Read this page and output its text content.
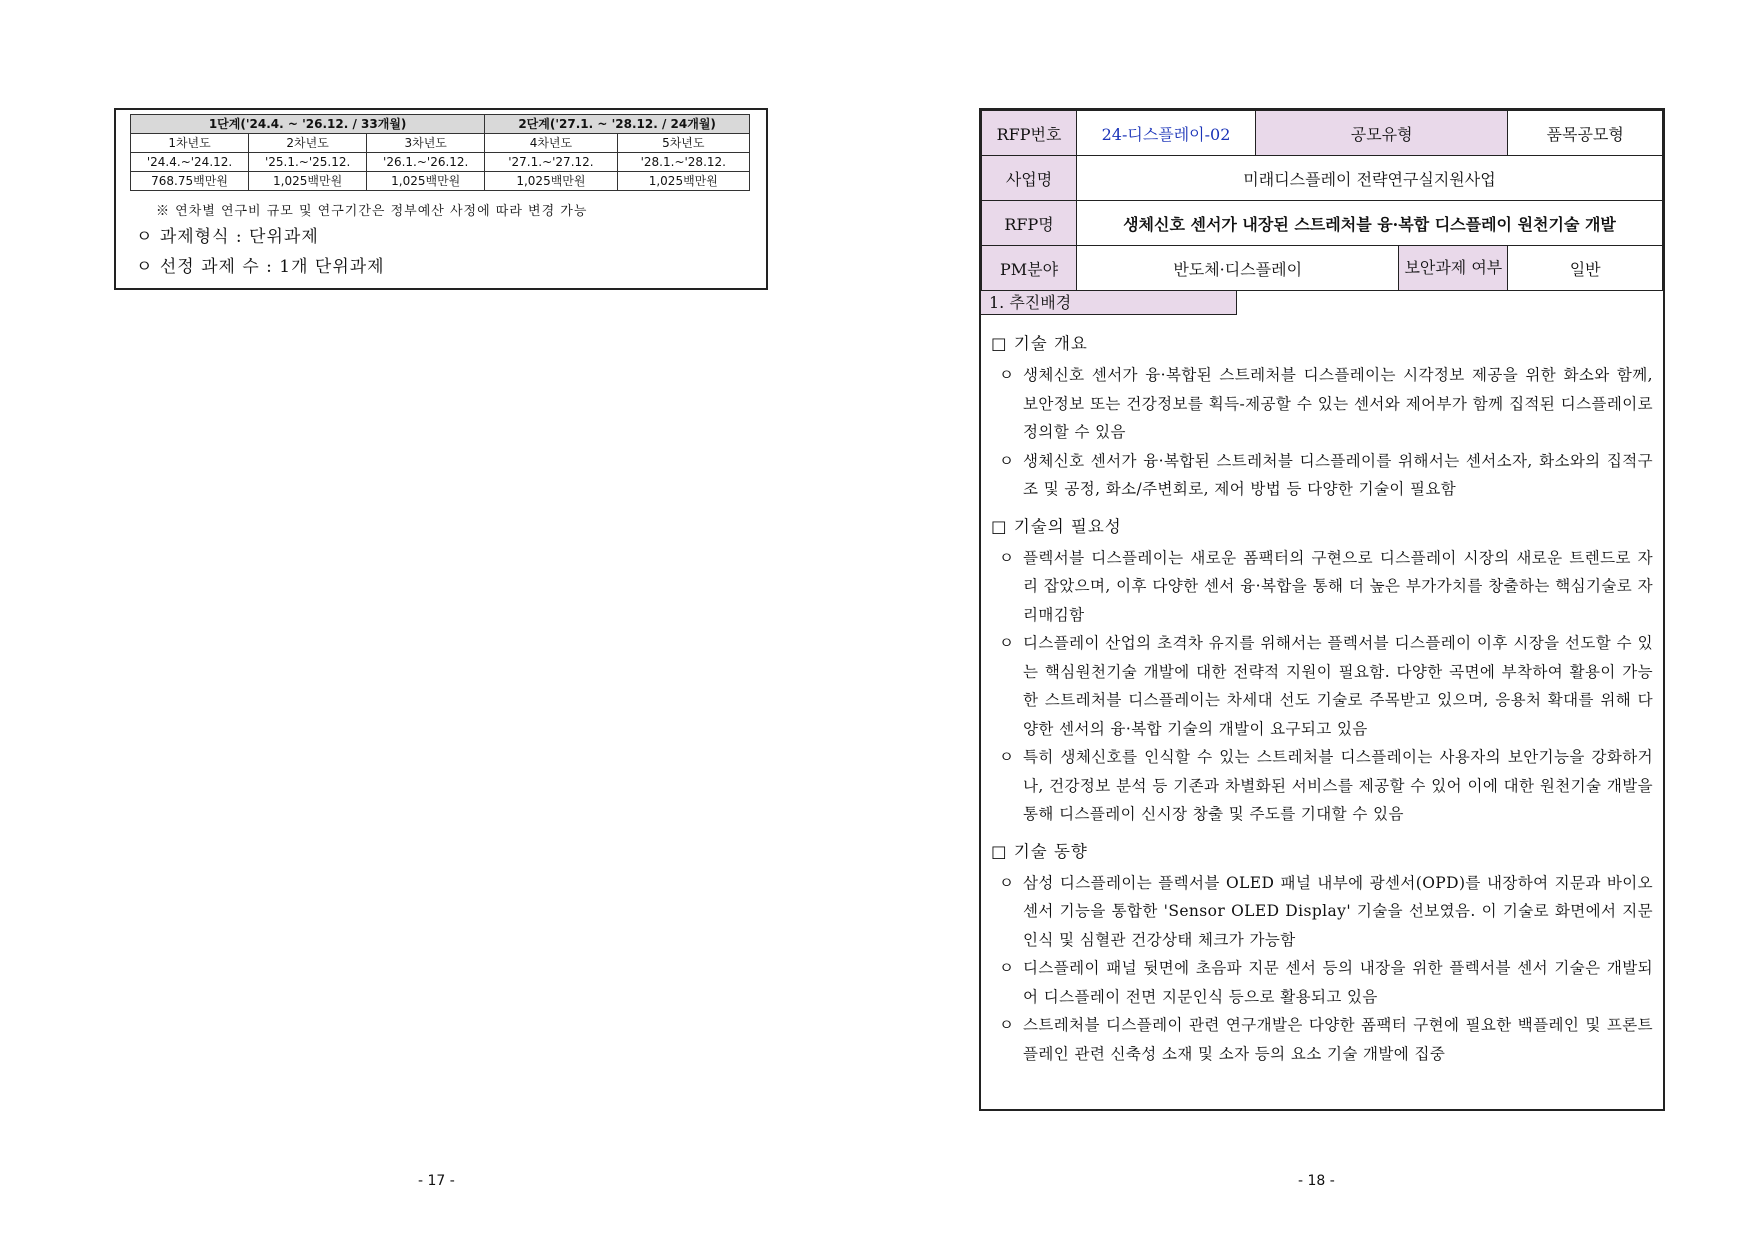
1단계('24.4. ~ '26.12. / 33개월)			2단계('27.1. ~ '28.12. / 24개월)	
1차년도	2차년도	3차년도	4차년도	5차년도
'24.4.~'24.12.	'25.1.~'25.12.	'26.1.~'26.12.	'27.1.~'27.12.	'28.1.~'28.12.
768.75백만원	1,025백만원	1,025백만원	1,025백만원	1,025백만원
※ 연차별 연구비 규모 및 연구기간은 정부예산 사정에 따라 변경 가능
ㅇ 과제형식 : 단위과제
ㅇ 선정 과제 수 : 1개 단위과제
- 17 -
RFP번호	24-디스플레이-02	공모유형		품목공모형
사업명	미래디스플레이 전략연구실지원사업			
RFP명	생체신호 센서가 내장된 스트레처블 융·복합 디스플레이 원천기술 개발			
PM분야	반도체·디스플레이		보안과제 여부	일반
1. 추진배경
□ 기술 개요
ㅇ 생체신호 센서가 융·복합된 스트레처블 디스플레이는 시각정보 제공을 위한 화소와 함께, 보안정보 또는 건강정보를 획득-제공할 수 있는 센서와 제어부가 함께 집적된 디스플레이로 정의할 수 있음
ㅇ 생체신호 센서가 융·복합된 스트레처블 디스플레이를 위해서는 센서소자, 화소와의 집적구조 및 공정, 화소/주변회로, 제어 방법 등 다양한 기술이 필요함
□ 기술의 필요성
ㅇ 플렉서블 디스플레이는 새로운 폼팩터의 구현으로 디스플레이 시장의 새로운 트렌드로 자리 잡았으며, 이후 다양한 센서 융·복합을 통해 더 높은 부가가치를 창출하는 핵심기술로 자리매김함
ㅇ 디스플레이 산업의 초격차 유지를 위해서는 플렉서블 디스플레이 이후 시장을 선도할 수 있는 핵심원천기술 개발에 대한 전략적 지원이 필요함. 다양한 곡면에 부착하여 활용이 가능한 스트레처블 디스플레이는 차세대 선도 기술로 주목받고 있으며, 응용처 확대를 위해 다양한 센서의 융·복합 기술의 개발이 요구되고 있음
ㅇ 특히 생체신호를 인식할 수 있는 스트레처블 디스플레이는 사용자의 보안기능을 강화하거나, 건강정보 분석 등 기존과 차별화된 서비스를 제공할 수 있어 이에 대한 원천기술 개발을 통해 디스플레이 신시장 창출 및 주도를 기대할 수 있음
□ 기술 동향
ㅇ 삼성 디스플레이는 플렉서블 OLED 패널 내부에 광센서(OPD)를 내장하여 지문과 바이오센서 기능을 통합한 'Sensor OLED Display' 기술을 선보였음. 이 기술로 화면에서 지문 인식 및 심혈관 건강상태 체크가 가능함
ㅇ 디스플레이 패널 뒷면에 초음파 지문 센서 등의 내장을 위한 플렉서블 센서 기술은 개발되어 디스플레이 전면 지문인식 등으로 활용되고 있음
ㅇ 스트레처블 디스플레이 관련 연구개발은 다양한 폼팩터 구현에 필요한 백플레인 및 프론트플레인 관련 신축성 소재 및 소자 등의 요소 기술 개발에 집중
- 18 -
